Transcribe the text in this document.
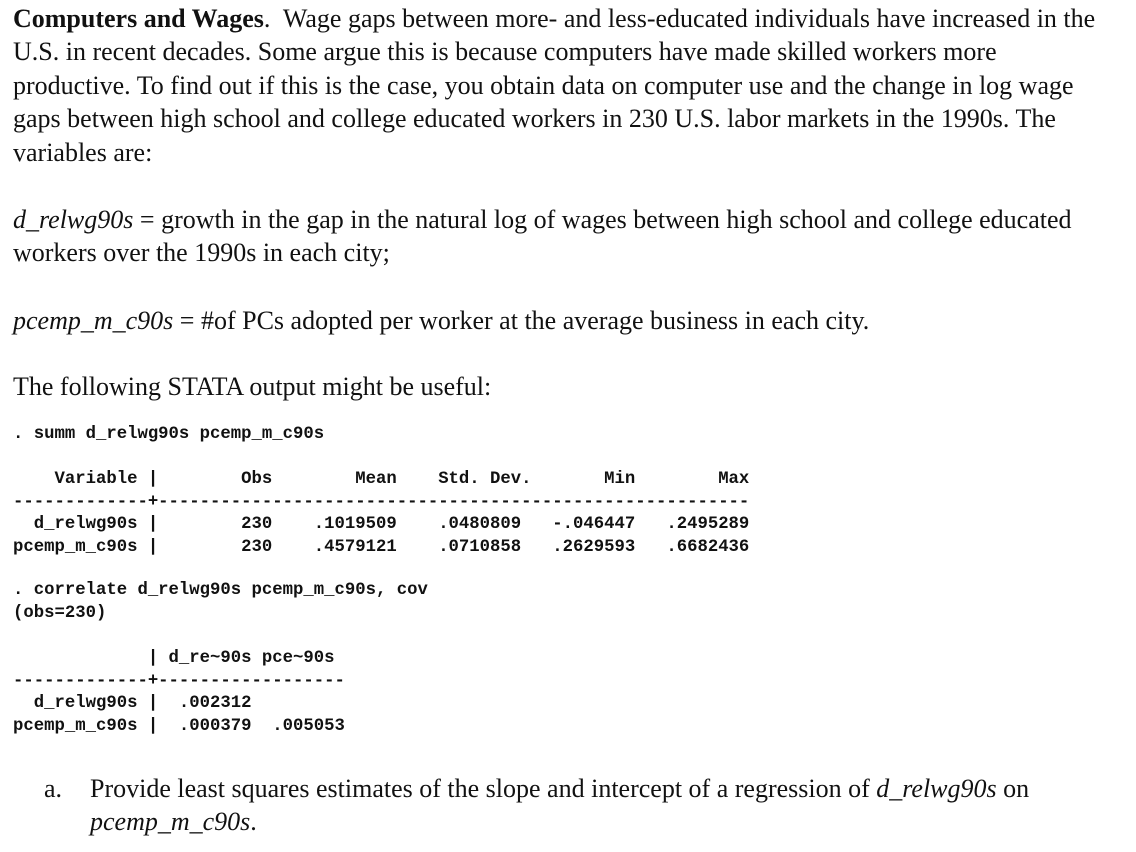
Computers and Wages. Wage gaps between more- and less-educated individuals have increased in the U.S. in recent decades. Some argue this is because computers have made skilled workers more productive. To find out if this is the case, you obtain data on computer use and the change in log wage gaps between high school and college educated workers in 230 U.S. labor markets in the 1990s. The variables are:

d_relwg90s = growth in the gap in the natural log of wages between high school and college educated workers over the 1990s in each city;

pcemp_m_c90s = #of PCs adopted per worker at the average business in each city.

The following STATA output might be useful:

. summ d_relwg90s pcemp_m_c90s
Variable |        Obs        Mean    Std. Dev.       Min        Max
-------------+---------------------------------------------------------
d_relwg90s |        230    .1019509    .0480809   -.046447   .2495289
pcemp_m_c90s |        230    .4579121    .0710858   .2629593   .6682436
. correlate d_relwg90s pcemp_m_c90s, cov
(obs=230)
| d_re~90s pce~90s
-------------+------------------
d_relwg90s |  .002312
pcemp_m_c90s |  .000379  .005053
a. Provide least squares estimates of the slope and intercept of a regression of d_relwg90s on pcemp_m_c90s.
